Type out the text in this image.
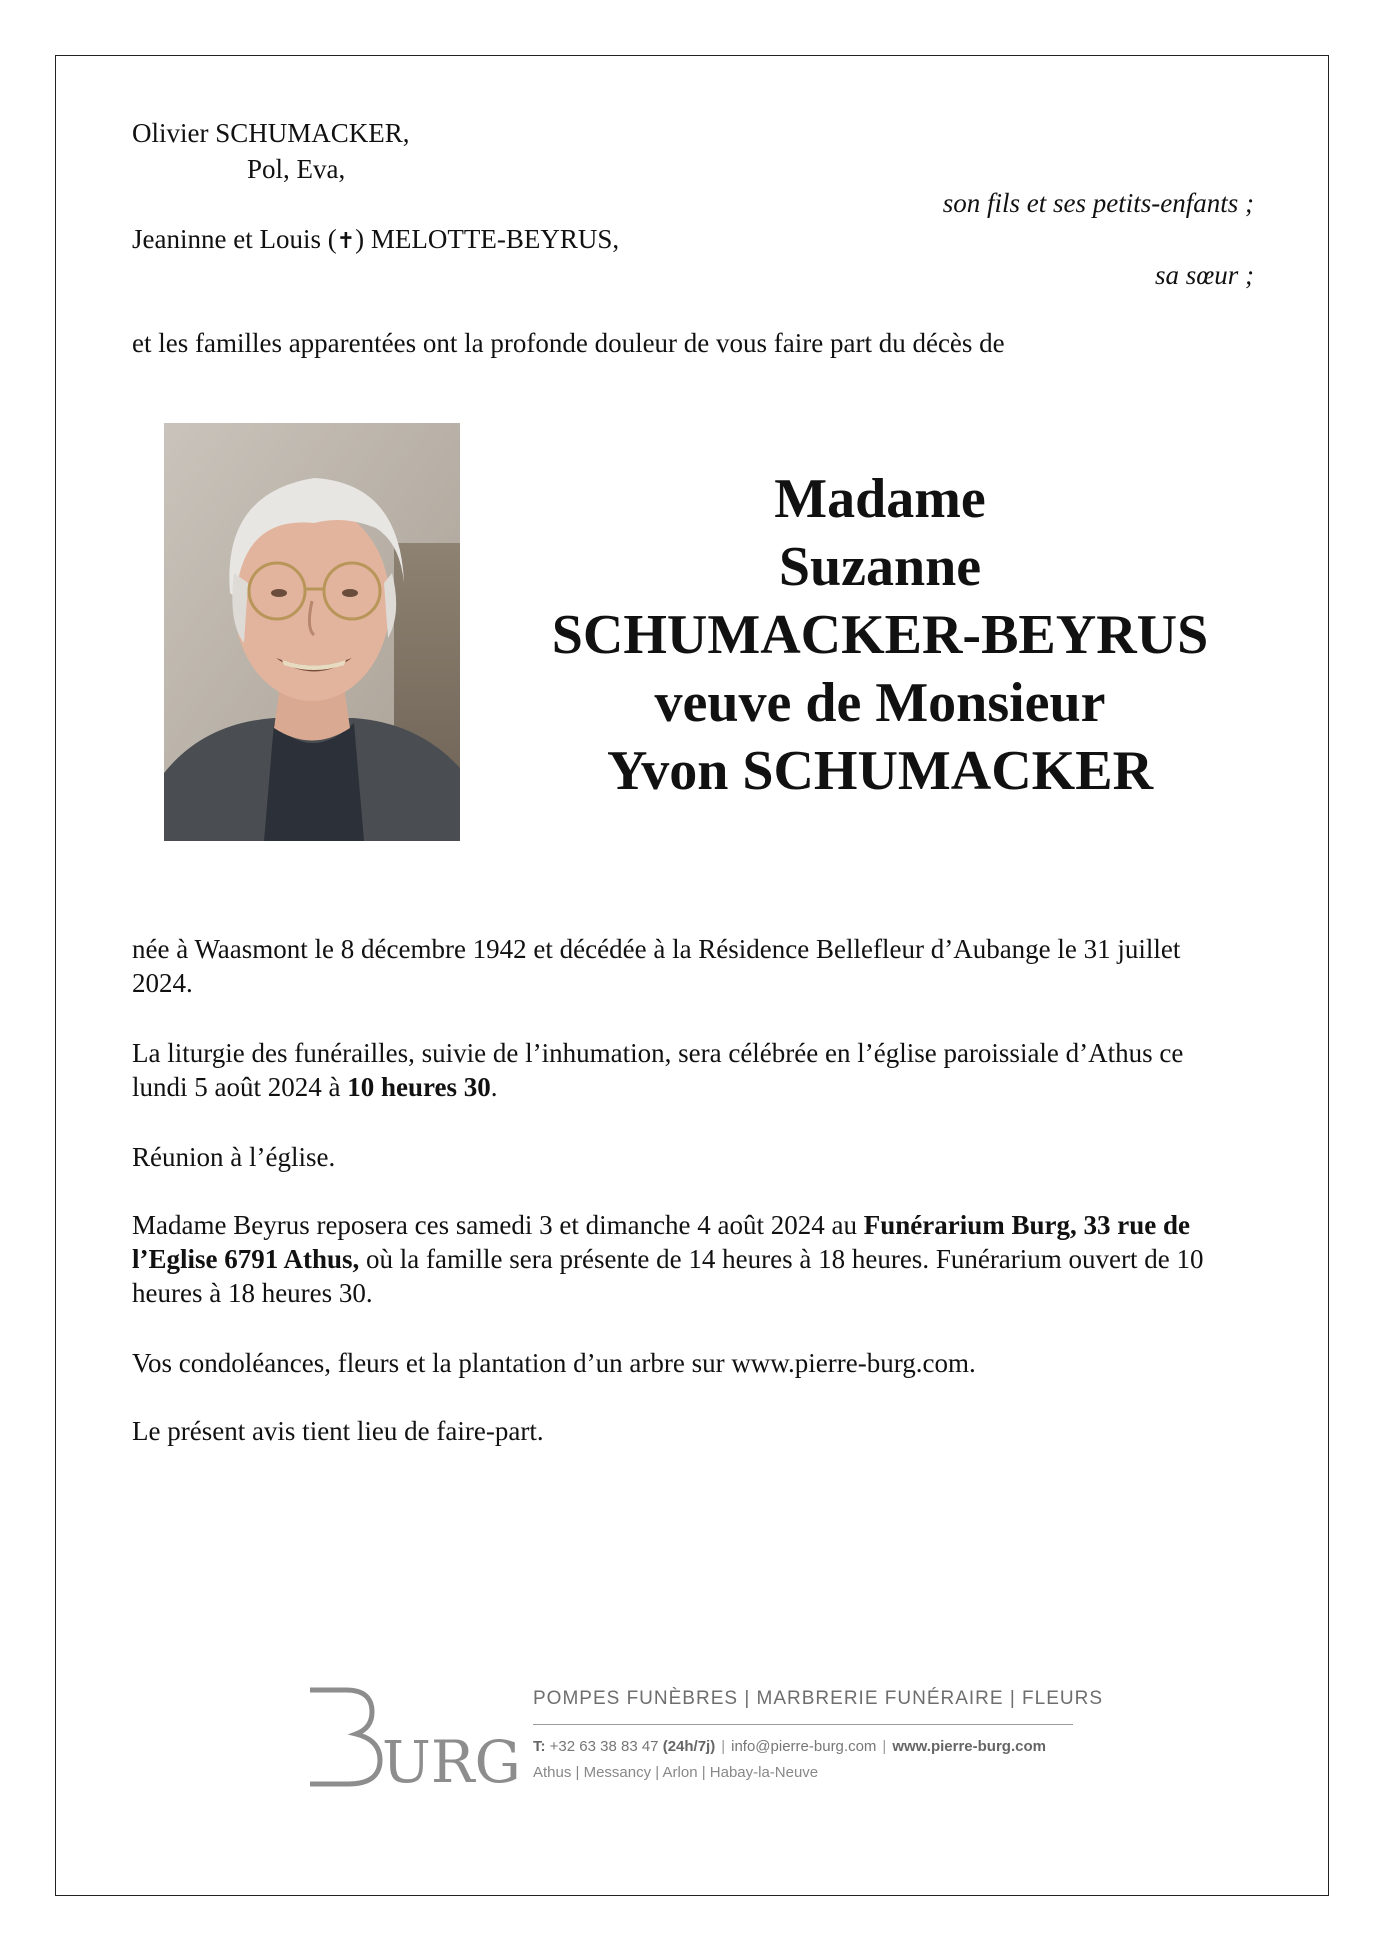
Olivier SCHUMACKER,
Pol, Eva,
son fils et ses petits-enfants ;
Jeaninne et Louis (✝) MELOTTE-BEYRUS,
sa sœur ;
et les familles apparentées ont la profonde douleur de vous faire part du décès de
Madame
Suzanne
SCHUMACKER-BEYRUS
veuve de Monsieur
Yvon SCHUMACKER
née à Waasmont le 8 décembre 1942 et décédée à la Résidence Bellefleur d’Aubange le 31 juillet 2024.
La liturgie des funérailles, suivie de l’inhumation, sera célébrée en l’église paroissiale d’Athus ce lundi 5 août 2024 à 10 heures 30.
Réunion à l’église.
Madame Beyrus reposera ces samedi 3 et dimanche 4 août 2024 au Funérarium Burg, 33 rue de l’Eglise 6791 Athus, où la famille sera présente de 14 heures à 18 heures. Funérarium ouvert de 10 heures à 18 heures 30.
Vos condoléances, fleurs et la plantation d’un arbre sur www.pierre-burg.com.
Le présent avis tient lieu de faire-part.
URG
POMPES FUNÈBRES | MARBRERIE FUNÉRAIRE | FLEURS
T: +32 63 38 83 47 (24h/7j) | info@pierre-burg.com | www.pierre-burg.com
Athus | Messancy | Arlon | Habay-la-Neuve
